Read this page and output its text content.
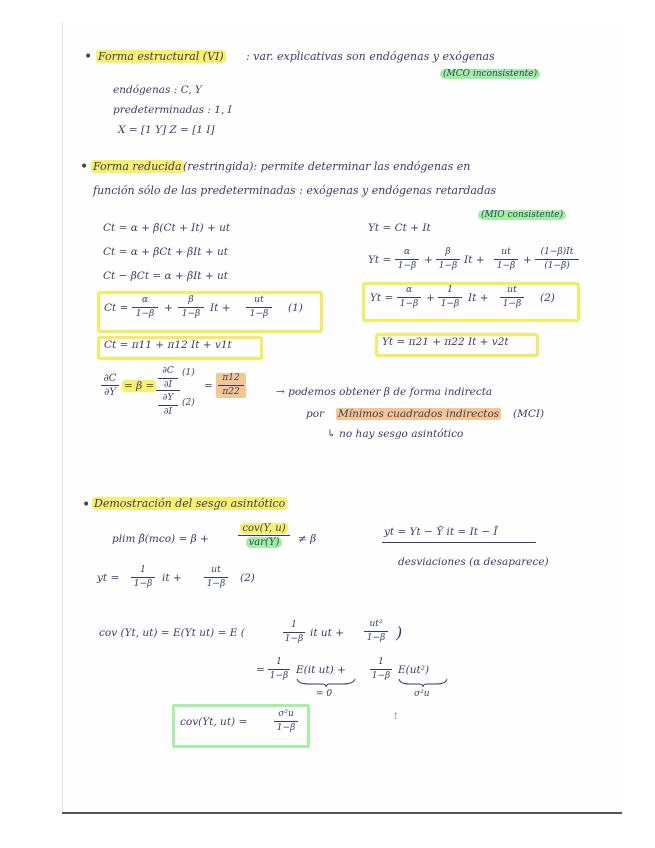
• Forma estructural (VI) : var. explicativas son endógenas y exógenas
(MCO inconsistente)
endógenas : C, Y
predeterminadas : 1, I
X = [1 Y] Z = [1 I]
• Forma reducida (restringida): permite determinar las endógenas en
función sólo de las predeterminadas : exógenas y endógenas retardadas
(MIO consistente)
Ct = α + β(Ct + It) + ut
Ct = α + βCt + βIt + ut
Ct − βCt = α + βIt + ut
Ct =
α
1−β +
β
1−β It +
ut
1−β	(1)
Ct = π11 + π12 It + v1t
Yt = Ct + It
Yt =
α
1−β +
β
1−β It +
ut
1−β +
(1−β)It
(1−β)
Yt =
α
1−β +
1
1−β It +
ut
1−β (2)
Yt = π21 + π22 It + v2t
∂C
∂Y
= β =
∂C
∂I
∂Y
∂I
(1)
(2)
=
π12
π22	→ podemos obtener β de forma indirecta
por Mínimos cuadrados indirectos (MCI)
↳ no hay sesgo asintótico
• Demostración del sesgo asintótico
plim β̂(mco) = β +
cov(Y, u)
var(Y)	≠ β
yt = Yt − Ȳ it = It − Ī
desviaciones (α desaparece)
yt =
1
1−β it +
ut
1−β (2)
cov (Yt, ut) = E(Yt ut) = E (
1
1−β it ut +
ut²
1−β )
=
1
1−β E(it ut) +
1
1−β E(ut²)
= 0	σ²u
cov(Yt, ut) =
σ²u
1−β
↑
